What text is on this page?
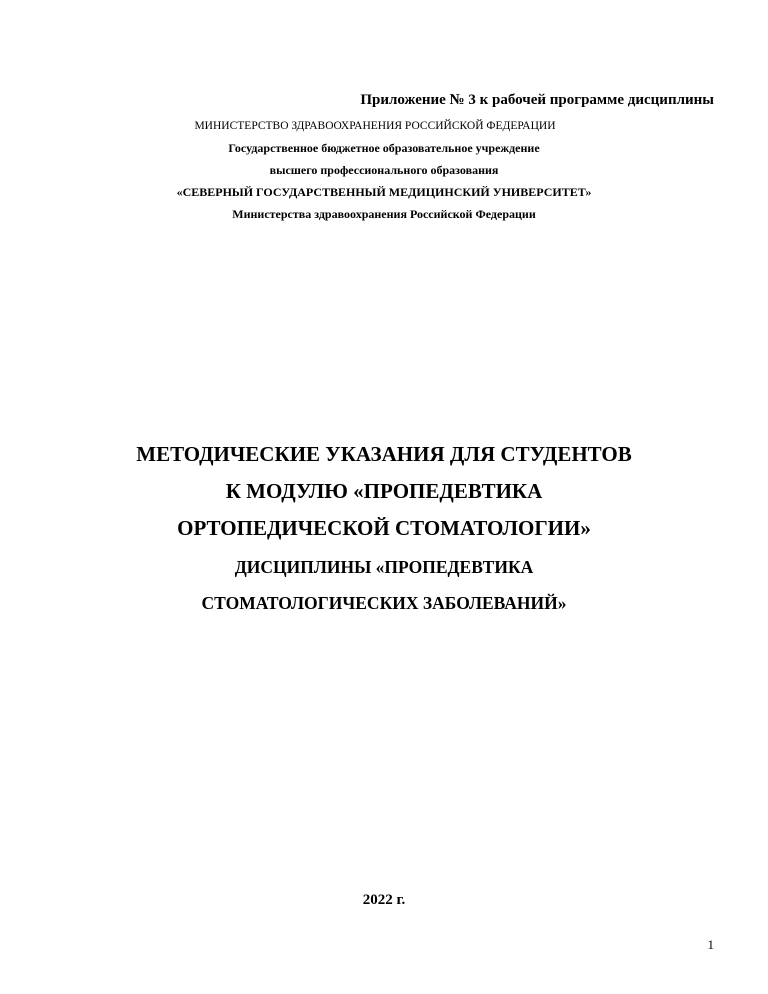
Приложение № 3 к рабочей программе дисциплины
МИНИСТЕРСТВО ЗДРАВООХРАНЕНИЯ РОССИЙСКОЙ ФЕДЕРАЦИИ
Государственное бюджетное образовательное учреждение
высшего профессионального образования
«СЕВЕРНЫЙ ГОСУДАРСТВЕННЫЙ МЕДИЦИНСКИЙ УНИВЕРСИТЕТ»
Министерства здравоохранения Российской Федерации
МЕТОДИЧЕСКИЕ УКАЗАНИЯ ДЛЯ СТУДЕНТОВ
К МОДУЛЮ «ПРОПЕДЕВТИКА
ОРТОПЕДИЧЕСКОЙ СТОМАТОЛОГИИ»
ДИСЦИПЛИНЫ «ПРОПЕДЕВТИКА
СТОМАТОЛОГИЧЕСКИХ ЗАБОЛЕВАНИЙ»
2022 г.
1
